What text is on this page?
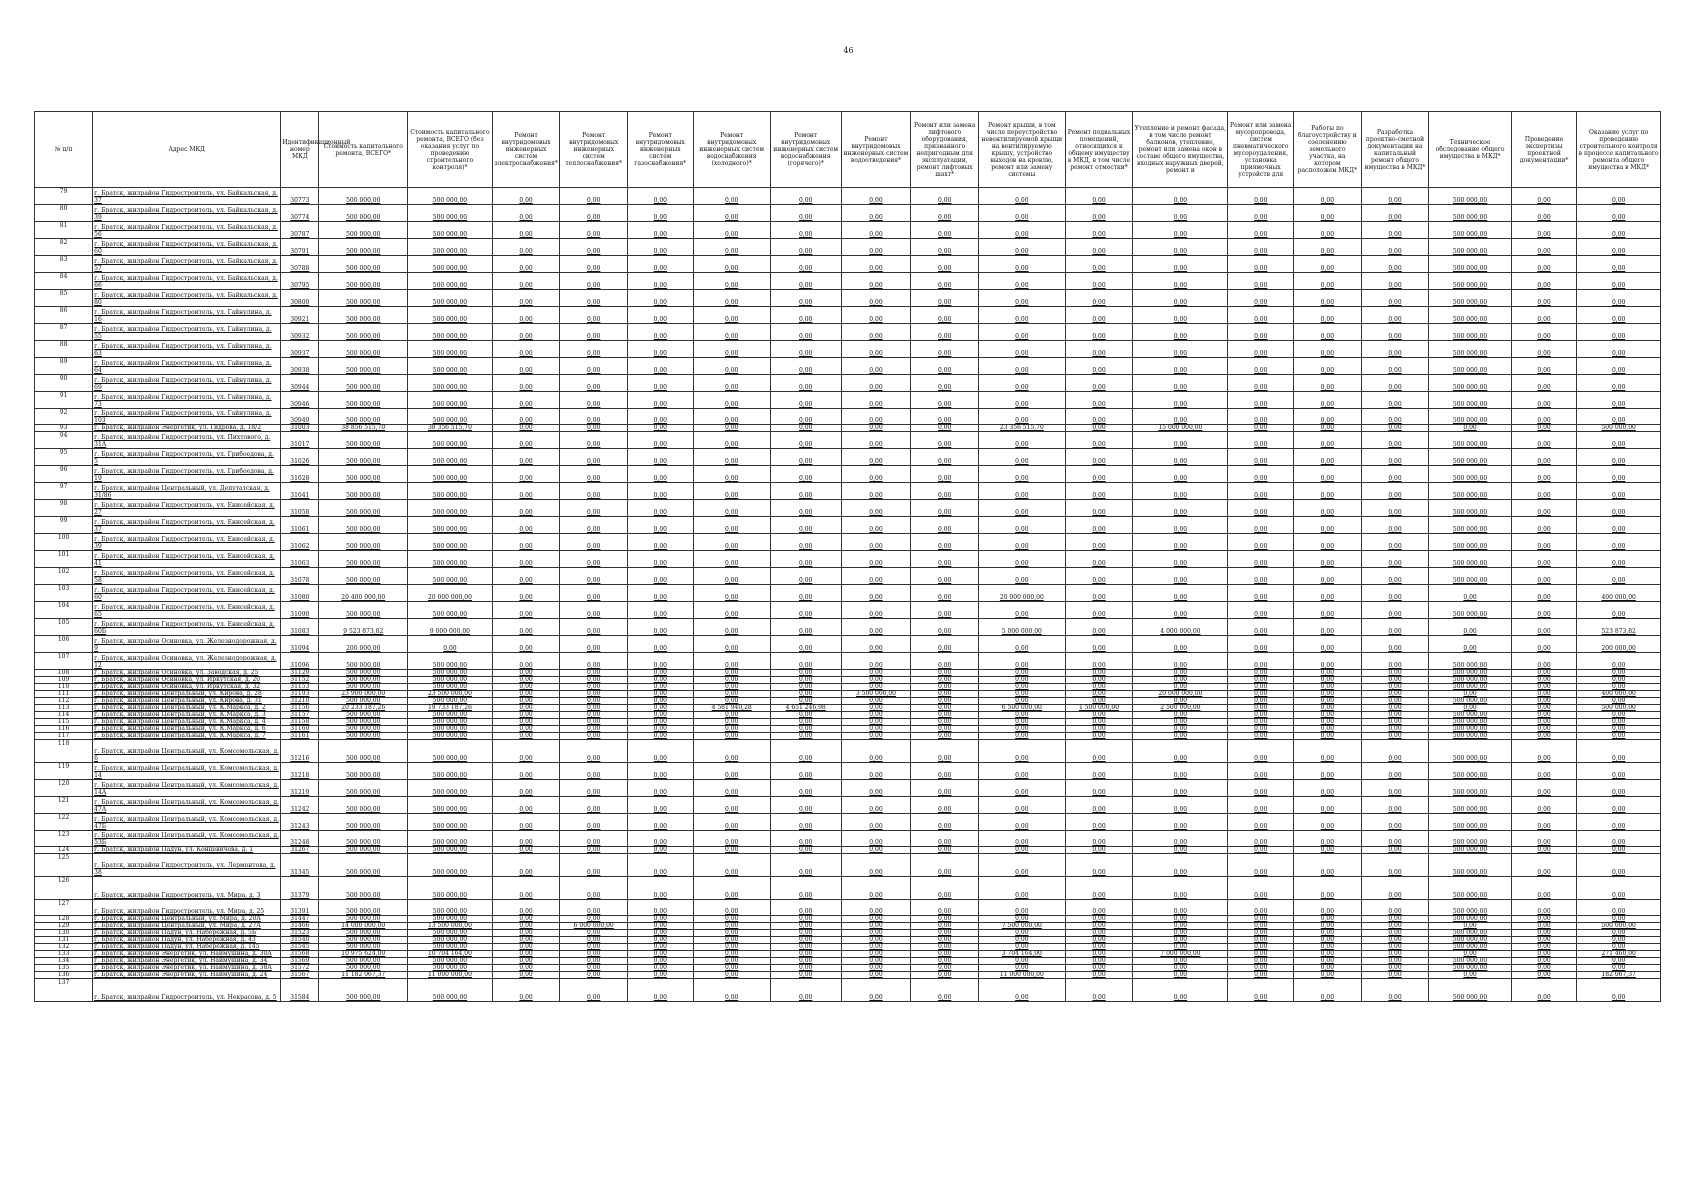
46
№ п/п	Адрес МКД	Идентификационный номер МКД	Стоимость капитального ремонта, ВСЕГО*	Стоимость капитального ремонта, ВСЕГО (без оказания услуг по проведению строительного контроля)*	Ремонт внутридомовых инженерных систем электроснабжения*	Ремонт внутридомовых инженерных систем теплоснабжения*	Ремонт внутридомовых инженерных систем газоснабжения*	Ремонт внутридомовых инженерных систем водоснабжения (холодного)*	Ремонт внутридомовых инженерных систем водоснабжения (горячего)*	Ремонт внутридомовых инженерных систем водоотведения*	Ремонт или замена лифтового оборудования, признанного непригодным для эксплуатации, ремонт лифтовых шахт*	Ремонт крыши, в том числе переустройство невентилируемой крыши на вентилируемую крышу, устройство выходов на кровлю, ремонт или замену системы	Ремонт подвальных помещений, относящихся к общему имуществу в МКД, в том числе ремонт отмостки*	Утепление и ремонт фасада, в том числе ремонт балконов, утепление, ремонт или замена окон в составе общего имущества, входных наружных дверей, ремонт и	Ремонт или замена мусоропровода, систем пневматического мусороудаления, установка приямочных устройств для	Работы по благоустройству и озеленению земельного участка, на котором расположен МКД*	Разработка проектно-сметной документации на капитальный ремонт общего имущества в МКД*	Техническое обследование общего имущества в МКД*	Проведение экспертизы проектной документации*	Оказание услуг по проведению строительного контроля в процессе капитального ремонта общего имущества в МКД*
79	г. Братск, жилрайон Гидростроитель, ул. Байкальская, д. 37	30773	500 000,00	500 000,00	0,00	0,00	0,00	0,00	0,00	0,00	0,00	0,00	0,00	0,00	0,00	0,00	0,00	500 000,00	0,00	0,00
80	г. Братск, жилрайон Гидростроитель, ул. Байкальская, д. 39	30774	500 000,00	500 000,00	0,00	0,00	0,00	0,00	0,00	0,00	0,00	0,00	0,00	0,00	0,00	0,00	0,00	500 000,00	0,00	0,00
81	г. Братск, жилрайон Гидростроитель, ул. Байкальская, д. 56	30787	500 000,00	500 000,00	0,00	0,00	0,00	0,00	0,00	0,00	0,00	0,00	0,00	0,00	0,00	0,00	0,00	500 000,00	0,00	0,00
82	г. Братск, жилрайон Гидростроитель, ул. Байкальская, д. 60	30791	500 000,00	500 000,00	0,00	0,00	0,00	0,00	0,00	0,00	0,00	0,00	0,00	0,00	0,00	0,00	0,00	500 000,00	0,00	0,00
83	г. Братск, жилрайон Гидростроитель, ул. Байкальская, д. 57	30788	500 000,00	500 000,00	0,00	0,00	0,00	0,00	0,00	0,00	0,00	0,00	0,00	0,00	0,00	0,00	0,00	500 000,00	0,00	0,00
84	г. Братск, жилрайон Гидростроитель, ул. Байкальская, д. 66	30795	500 000,00	500 000,00	0,00	0,00	0,00	0,00	0,00	0,00	0,00	0,00	0,00	0,00	0,00	0,00	0,00	500 000,00	0,00	0,00
85	г. Братск, жилрайон Гидростроитель, ул. Байкальская, д. 80	30800	500 000,00	500 000,00	0,00	0,00	0,00	0,00	0,00	0,00	0,00	0,00	0,00	0,00	0,00	0,00	0,00	500 000,00	0,00	0,00
86	г. Братск, жилрайон Гидростроитель, ул. Гайнулина, д. 16	30921	500 000,00	500 000,00	0,00	0,00	0,00	0,00	0,00	0,00	0,00	0,00	0,00	0,00	0,00	0,00	0,00	500 000,00	0,00	0,00
87	г. Братск, жилрайон Гидростроитель, ул. Гайнулина, д. 55	30932	500 000,00	500 000,00	0,00	0,00	0,00	0,00	0,00	0,00	0,00	0,00	0,00	0,00	0,00	0,00	0,00	500 000,00	0,00	0,00
88	г. Братск, жилрайон Гидростроитель, ул. Гайнулина, д. 63	30937	500 000,00	500 000,00	0,00	0,00	0,00	0,00	0,00	0,00	0,00	0,00	0,00	0,00	0,00	0,00	0,00	500 000,00	0,00	0,00
89	г. Братск, жилрайон Гидростроитель, ул. Гайнулина, д. 64	30938	500 000,00	500 000,00	0,00	0,00	0,00	0,00	0,00	0,00	0,00	0,00	0,00	0,00	0,00	0,00	0,00	500 000,00	0,00	0,00
90	г. Братск, жилрайон Гидростроитель, ул. Гайнулина, д. 69	30944	500 000,00	500 000,00	0,00	0,00	0,00	0,00	0,00	0,00	0,00	0,00	0,00	0,00	0,00	0,00	0,00	500 000,00	0,00	0,00
91	г. Братск, жилрайон Гидростроитель, ул. Гайнулина, д. 73	30946	500 000,00	500 000,00	0,00	0,00	0,00	0,00	0,00	0,00	0,00	0,00	0,00	0,00	0,00	0,00	0,00	500 000,00	0,00	0,00
92	г. Братск, жилрайон Гидростроитель, ул. Гайнулина, д. 103	30949	500 000,00	500 000,00	0,00	0,00	0,00	0,00	0,00	0,00	0,00	0,00	0,00	0,00	0,00	0,00	0,00	500 000,00	0,00	0,00
93	г. Братск, жилрайон Энергетик, ул. Гидрова, д. 18/2	31003	38 856 515,70	38 356 515,70	0,00	0,00	0,00	0,00	0,00	0,00	0,00	23 356 515,70	0,00	15 000 000,00	0,00	0,00	0,00	0,00	0,00	500 000,00
94	г. Братск, жилрайон Гидростроитель, ул. Пихтового, д. 31А	31017	500 000,00	500 000,00	0,00	0,00	0,00	0,00	0,00	0,00	0,00	0,00	0,00	0,00	0,00	0,00	0,00	500 000,00	0,00	0,00
95	г. Братск, жилрайон Гидростроитель, ул. Грибоедова, д. 5	31026	500 000,00	500 000,00	0,00	0,00	0,00	0,00	0,00	0,00	0,00	0,00	0,00	0,00	0,00	0,00	0,00	500 000,00	0,00	0,00
96	г. Братск, жилрайон Гидростроитель, ул. Грибоедова, д. 19	31028	500 000,00	500 000,00	0,00	0,00	0,00	0,00	0,00	0,00	0,00	0,00	0,00	0,00	0,00	0,00	0,00	500 000,00	0,00	0,00
97	г. Братск, жилрайон Центральный, ул. Депутатская, д. 31/86	31041	500 000,00	500 000,00	0,00	0,00	0,00	0,00	0,00	0,00	0,00	0,00	0,00	0,00	0,00	0,00	0,00	500 000,00	0,00	0,00
98	г. Братск, жилрайон Гидростроитель, ул. Енисейская, д. 27	31058	500 000,00	500 000,00	0,00	0,00	0,00	0,00	0,00	0,00	0,00	0,00	0,00	0,00	0,00	0,00	0,00	500 000,00	0,00	0,00
99	г. Братск, жилрайон Гидростроитель, ул. Енисейская, д. 37	31061	500 000,00	500 000,00	0,00	0,00	0,00	0,00	0,00	0,00	0,00	0,00	0,00	0,00	0,00	0,00	0,00	500 000,00	0,00	0,00
100	г. Братск, жилрайон Гидростроитель, ул. Енисейская, д. 39	31062	500 000,00	500 000,00	0,00	0,00	0,00	0,00	0,00	0,00	0,00	0,00	0,00	0,00	0,00	0,00	0,00	500 000,00	0,00	0,00
101	г. Братск, жилрайон Гидростроитель, ул. Енисейская, д. 41	31063	500 000,00	500 000,00	0,00	0,00	0,00	0,00	0,00	0,00	0,00	0,00	0,00	0,00	0,00	0,00	0,00	500 000,00	0,00	0,00
102	г. Братск, жилрайон Гидростроитель, ул. Енисейская, д. 58	31078	500 000,00	500 000,00	0,00	0,00	0,00	0,00	0,00	0,00	0,00	0,00	0,00	0,00	0,00	0,00	0,00	500 000,00	0,00	0,00
103	г. Братск, жилрайон Гидростроитель, ул. Енисейская, д. 60	31080	20 400 000,00	20 000 000,00	0,00	0,00	0,00	0,00	0,00	0,00	0,00	20 000 000,00	0,00	0,00	0,00	0,00	0,00	0,00	0,00	400 000,00
104	г. Братск, жилрайон Гидростроитель, ул. Енисейская, д. 65	31090	500 000,00	500 000,00	0,00	0,00	0,00	0,00	0,00	0,00	0,00	0,00	0,00	0,00	0,00	0,00	0,00	500 000,00	0,00	0,00
105	г. Братск, жилрайон Гидростроитель, ул. Енисейская, д. 60Б	31083	9 523 873,82	9 000 000,00	0,00	0,00	0,00	0,00	0,00	0,00	0,00	5 000 000,00	0,00	4 000 000,00	0,00	0,00	0,00	0,00	0,00	523 873,82
106	г. Братск, жилрайон Осиновка, ул. Железнодорожная, д. 9	31094	200 000,00	0,00	0,00	0,00	0,00	0,00	0,00	0,00	0,00	0,00	0,00	0,00	0,00	0,00	0,00	0,00	0,00	200 000,00
107	г. Братск, жилрайон Осиновка, ул. Железнодорожная, д. 12	31096	500 000,00	500 000,00	0,00	0,00	0,00	0,00	0,00	0,00	0,00	0,00	0,00	0,00	0,00	0,00	0,00	500 000,00	0,00	0,00
108	г. Братск, жилрайон Осиновка, ул. Заводская, д. 25	31129	500 000,00	500 000,00	0,00	0,00	0,00	0,00	0,00	0,00	0,00	0,00	0,00	0,00	0,00	0,00	0,00	500 000,00	0,00	0,00
109	г. Братск, жилрайон Осиновка, ул. Иркутская, д. 20	31152	500 000,00	500 000,00	0,00	0,00	0,00	0,00	0,00	0,00	0,00	0,00	0,00	0,00	0,00	0,00	0,00	500 000,00	0,00	0,00
110	г. Братск, жилрайон Осиновка, ул. Иркутская, д. 32	31153	500 000,00	500 000,00	0,00	0,00	0,00	0,00	0,00	0,00	0,00	0,00	0,00	0,00	0,00	0,00	0,00	500 000,00	0,00	0,00
111	г. Братск, жилрайон Центральный, ул. Кирова, д. 28	31193	23 900 000,00	23 500 000,00	0,00	0,00	0,00	0,00	0,00	3 500 000,00	0,00	0,00	0,00	20 000 000,00	0,00	0,00	0,00	0,00	0,00	400 000,00
112	г. Братск, жилрайон Центральный, ул. Кирова, д. 31	31210	500 000,00	500 000,00	0,00	0,00	0,00	0,00	0,00	0,00	0,00	0,00	0,00	0,00	0,00	0,00	0,00	500 000,00	0,00	0,00
113	г. Братск, жилрайон Центральный, ул. К.Маркса, д. 2	31156	20 233 187,26	19 733 187,26	0,00	0,00	0,00	4 581 940,28	4 651 246,98	0,00	0,00	6 500 000,00	1 500 000,00	2 500 000,00	0,00	0,00	0,00	0,00	0,00	500 000,00
114	г. Братск, жилрайон Центральный, ул. К.Маркса, д. 3	31157	500 000,00	500 000,00	0,00	0,00	0,00	0,00	0,00	0,00	0,00	0,00	0,00	0,00	0,00	0,00	0,00	500 000,00	0,00	0,00
115	г. Братск, жилрайон Центральный, ул. К.Маркса, д. 4	31158	500 000,00	500 000,00	0,00	0,00	0,00	0,00	0,00	0,00	0,00	0,00	0,00	0,00	0,00	0,00	0,00	500 000,00	0,00	0,00
116	г. Братск, жилрайон Центральный, ул. К.Маркса, д. 6	31160	500 000,00	500 000,00	0,00	0,00	0,00	0,00	0,00	0,00	0,00	0,00	0,00	0,00	0,00	0,00	0,00	500 000,00	0,00	0,00
117	г. Братск, жилрайон Центральный, ул. К.Маркса, д. 7	31161	500 000,00	500 000,00	0,00	0,00	0,00	0,00	0,00	0,00	0,00	0,00	0,00	0,00	0,00	0,00	0,00	500 000,00	0,00	0,00
118	г. Братск, жилрайон Центральный, ул. Комсомольская, д. 6	31216	500 000,00	500 000,00	0,00	0,00	0,00	0,00	0,00	0,00	0,00	0,00	0,00	0,00	0,00	0,00	0,00	500 000,00	0,00	0,00
119	г. Братск, жилрайон Центральный, ул. Комсомольская, д. 14	31218	500 000,00	500 000,00	0,00	0,00	0,00	0,00	0,00	0,00	0,00	0,00	0,00	0,00	0,00	0,00	0,00	500 000,00	0,00	0,00
120	г. Братск, жилрайон Центральный, ул. Комсомольская, д. 14А	31219	500 000,00	500 000,00	0,00	0,00	0,00	0,00	0,00	0,00	0,00	0,00	0,00	0,00	0,00	0,00	0,00	500 000,00	0,00	0,00
121	г. Братск, жилрайон Центральный, ул. Комсомольская, д. 47А	31242	500 000,00	500 000,00	0,00	0,00	0,00	0,00	0,00	0,00	0,00	0,00	0,00	0,00	0,00	0,00	0,00	500 000,00	0,00	0,00
122	г. Братск, жилрайон Центральный, ул. Комсомольская, д. 47Б	31243	500 000,00	500 000,00	0,00	0,00	0,00	0,00	0,00	0,00	0,00	0,00	0,00	0,00	0,00	0,00	0,00	500 000,00	0,00	0,00
123	г. Братск, жилрайон Центральный, ул. Комсомольская, д. 53Б	31248	500 000,00	500 000,00	0,00	0,00	0,00	0,00	0,00	0,00	0,00	0,00	0,00	0,00	0,00	0,00	0,00	500 000,00	0,00	0,00
124	г. Братск, жилрайон Падун, ул. Концевичева, д. 1	31267	500 000,00	500 000,00	0,00	0,00	0,00	0,00	0,00	0,00	0,00	0,00	0,00	0,00	0,00	0,00	0,00	500 000,00	0,00	0,00
125	г. Братск, жилрайон Гидростроитель, ул. Лермонтова, д. 38	31345	500 000,00	500 000,00	0,00	0,00	0,00	0,00	0,00	0,00	0,00	0,00	0,00	0,00	0,00	0,00	0,00	500 000,00	0,00	0,00
126	г. Братск, жилрайон Гидростроитель, ул. Мира, д. 3	31379	500 000,00	500 000,00	0,00	0,00	0,00	0,00	0,00	0,00	0,00	0,00	0,00	0,00	0,00	0,00	0,00	500 000,00	0,00	0,00
127	г. Братск, жилрайон Гидростроитель, ул. Мира, д. 25	31391	500 000,00	500 000,00	0,00	0,00	0,00	0,00	0,00	0,00	0,00	0,00	0,00	0,00	0,00	0,00	0,00	500 000,00	0,00	0,00
128	г. Братск, жилрайон Центральный, ул. Мира, д. 20А	31447	500 000,00	500 000,00	0,00	0,00	0,00	0,00	0,00	0,00	0,00	0,00	0,00	0,00	0,00	0,00	0,00	500 000,00	0,00	0,00
129	г. Братск, жилрайон Центральный, ул. Мира, д. 27А	31466	14 000 000,00	13 500 000,00	0,00	6 000 000,00	0,00	0,00	0,00	0,00	0,00	7 500 000,00	0,00	0,00	0,00	0,00	0,00	0,00	0,00	500 000,00
130	г. Братск, жилрайон Падун, ул. Набережная, д. 5Б	31523	500 000,00	500 000,00	0,00	0,00	0,00	0,00	0,00	0,00	0,00	0,00	0,00	0,00	0,00	0,00	0,00	500 000,00	0,00	0,00
131	г. Братск, жилрайон Падун, ул. Набережная, д. 43	31540	500 000,00	500 000,00	0,00	0,00	0,00	0,00	0,00	0,00	0,00	0,00	0,00	0,00	0,00	0,00	0,00	500 000,00	0,00	0,00
132	г. Братск, жилрайон Падун, ул. Набережная, д. 145	31545	500 000,00	500 000,00	0,00	0,00	0,00	0,00	0,00	0,00	0,00	0,00	0,00	0,00	0,00	0,00	0,00	500 000,00	0,00	0,00
133	г. Братск, жилрайон Энергетик, ул. Наймушина, д. 30А	31568	10 975 624,00	10 704 164,00	0,00	0,00	0,00	0,00	0,00	0,00	0,00	3 704 164,00	0,00	7 000 000,00	0,00	0,00	0,00	0,00	0,00	271 460,00
134	г. Братск, жилрайон Энергетик, ул. Наймушина, д. 34	31569	500 000,00	500 000,00	0,00	0,00	0,00	0,00	0,00	0,00	0,00	0,00	0,00	0,00	0,00	0,00	0,00	500 000,00	0,00	0,00
135	г. Братск, жилрайон Энергетик, ул. Наймушина, д. 38А	31572	500 000,00	500 000,00	0,00	0,00	0,00	0,00	0,00	0,00	0,00	0,00	0,00	0,00	0,00	0,00	0,00	500 000,00	0,00	0,00
136	г. Братск, жилрайон Энергетик, ул. Наймушина, д. 24	31567	11 182 067,37	11 000 000,00	0,00	0,00	0,00	0,00	0,00	0,00	0,00	11 000 000,00	0,00	0,00	0,00	0,00	0,00	0,00	0,00	182 067,37
137	г. Братск, жилрайон Гидростроитель, ул. Некрасова, д. 5	31584	500 000,00	500 000,00	0,00	0,00	0,00	0,00	0,00	0,00	0,00	0,00	0,00	0,00	0,00	0,00	0,00	500 000,00	0,00	0,00
